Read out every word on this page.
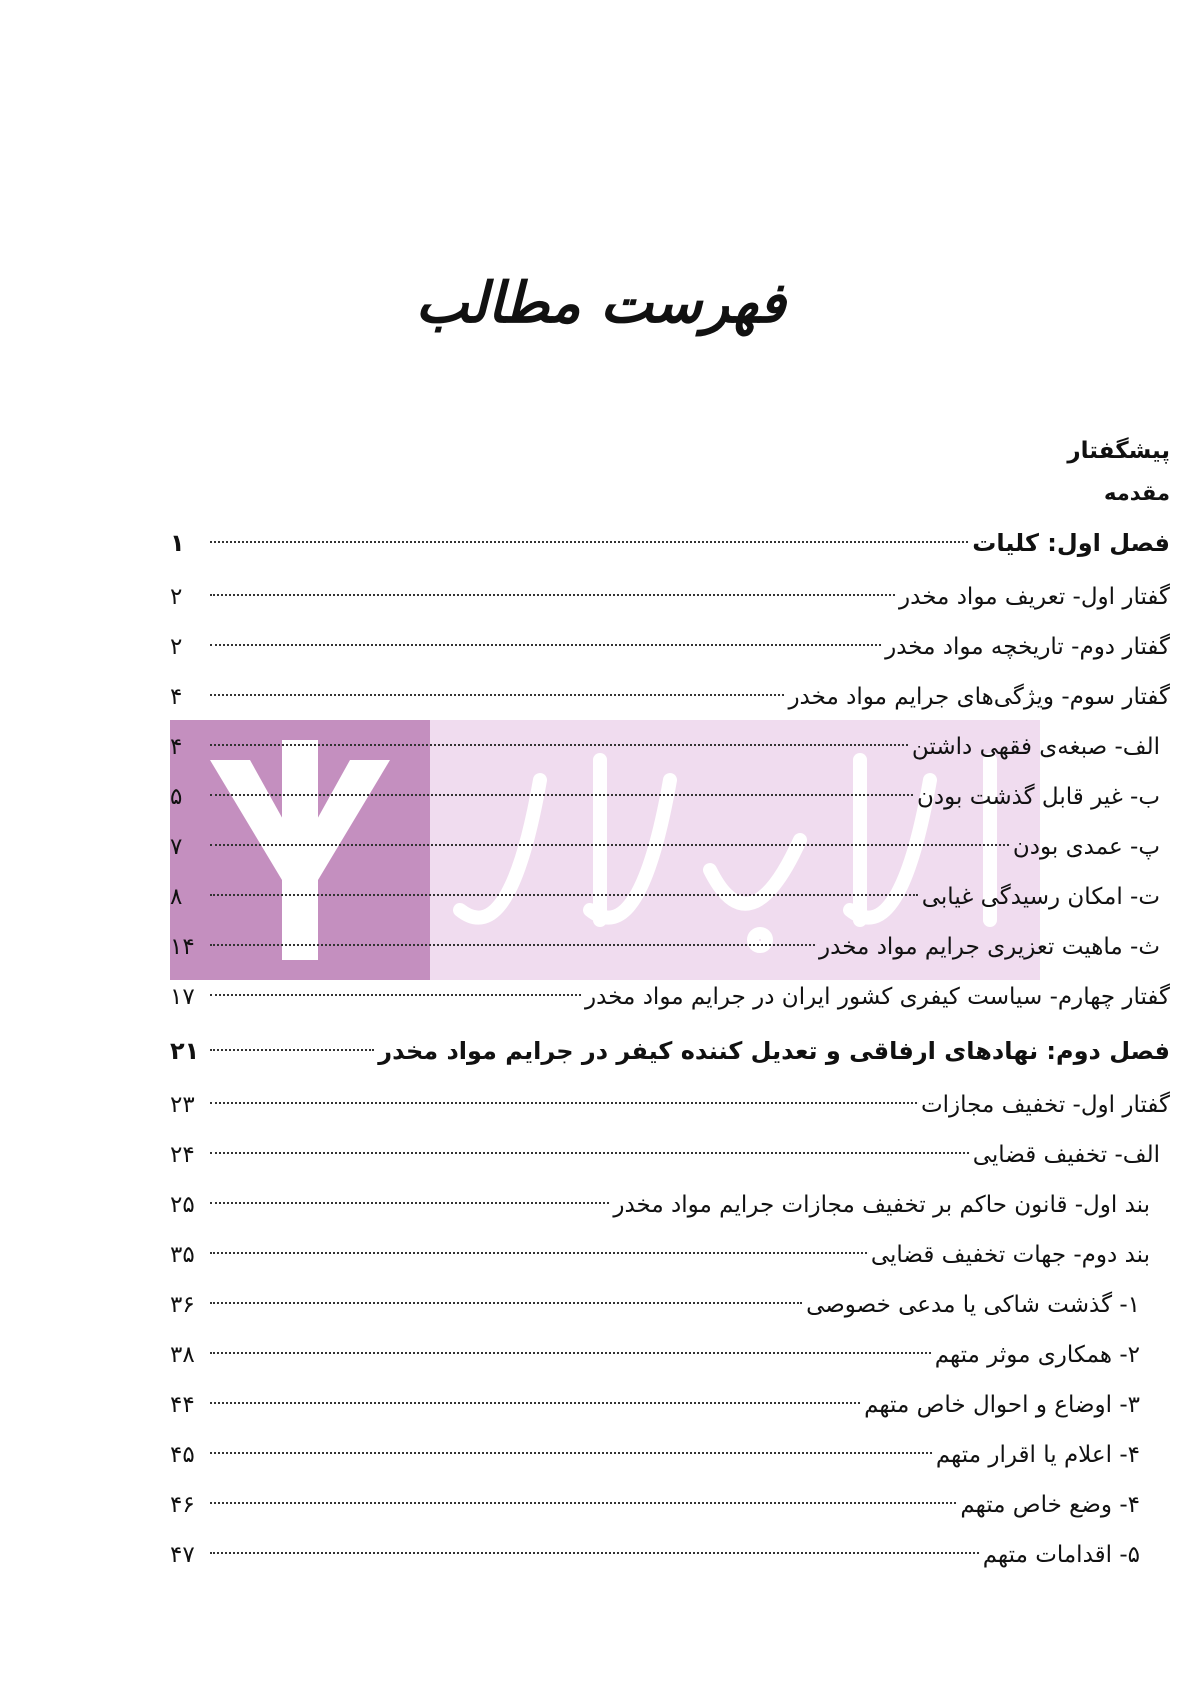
فهرست مطالب
پیشگفتار
مقدمه
فصل اول: کلیات
۱
گفتار اول- تعریف مواد مخدر
۲
گفتار دوم- تاریخچه مواد مخدر
۲
گفتار سوم- ویژگی‌های جرایم مواد مخدر
۴
الف- صبغه‌ی فقهی داشتن
۴
ب- غیر قابل گذشت بودن
۵
پ- عمدی بودن
۷
ت- امکان رسیدگی غیابی
۸
ث- ماهیت تعزیری جرایم مواد مخدر
۱۴
گفتار چهارم- سیاست کیفری کشور ایران در جرایم مواد مخدر
۱۷
فصل دوم: نهادهای ارفاقی و تعدیل کننده کیفر در جرایم مواد مخدر
۲۱
گفتار اول- تخفیف مجازات
۲۳
الف- تخفیف قضایی
۲۴
بند اول- قانون حاکم بر تخفیف مجازات جرایم مواد مخدر
۲۵
بند دوم- جهات تخفیف قضایی
۳۵
۱- گذشت شاکی یا مدعی خصوصی
۳۶
۲- همکاری موثر متهم
۳۸
۳- اوضاع و احوال خاص متهم
۴۴
۴- اعلام یا اقرار متهم
۴۵
۴- وضع خاص متهم
۴۶
۵- اقدامات متهم
۴۷
